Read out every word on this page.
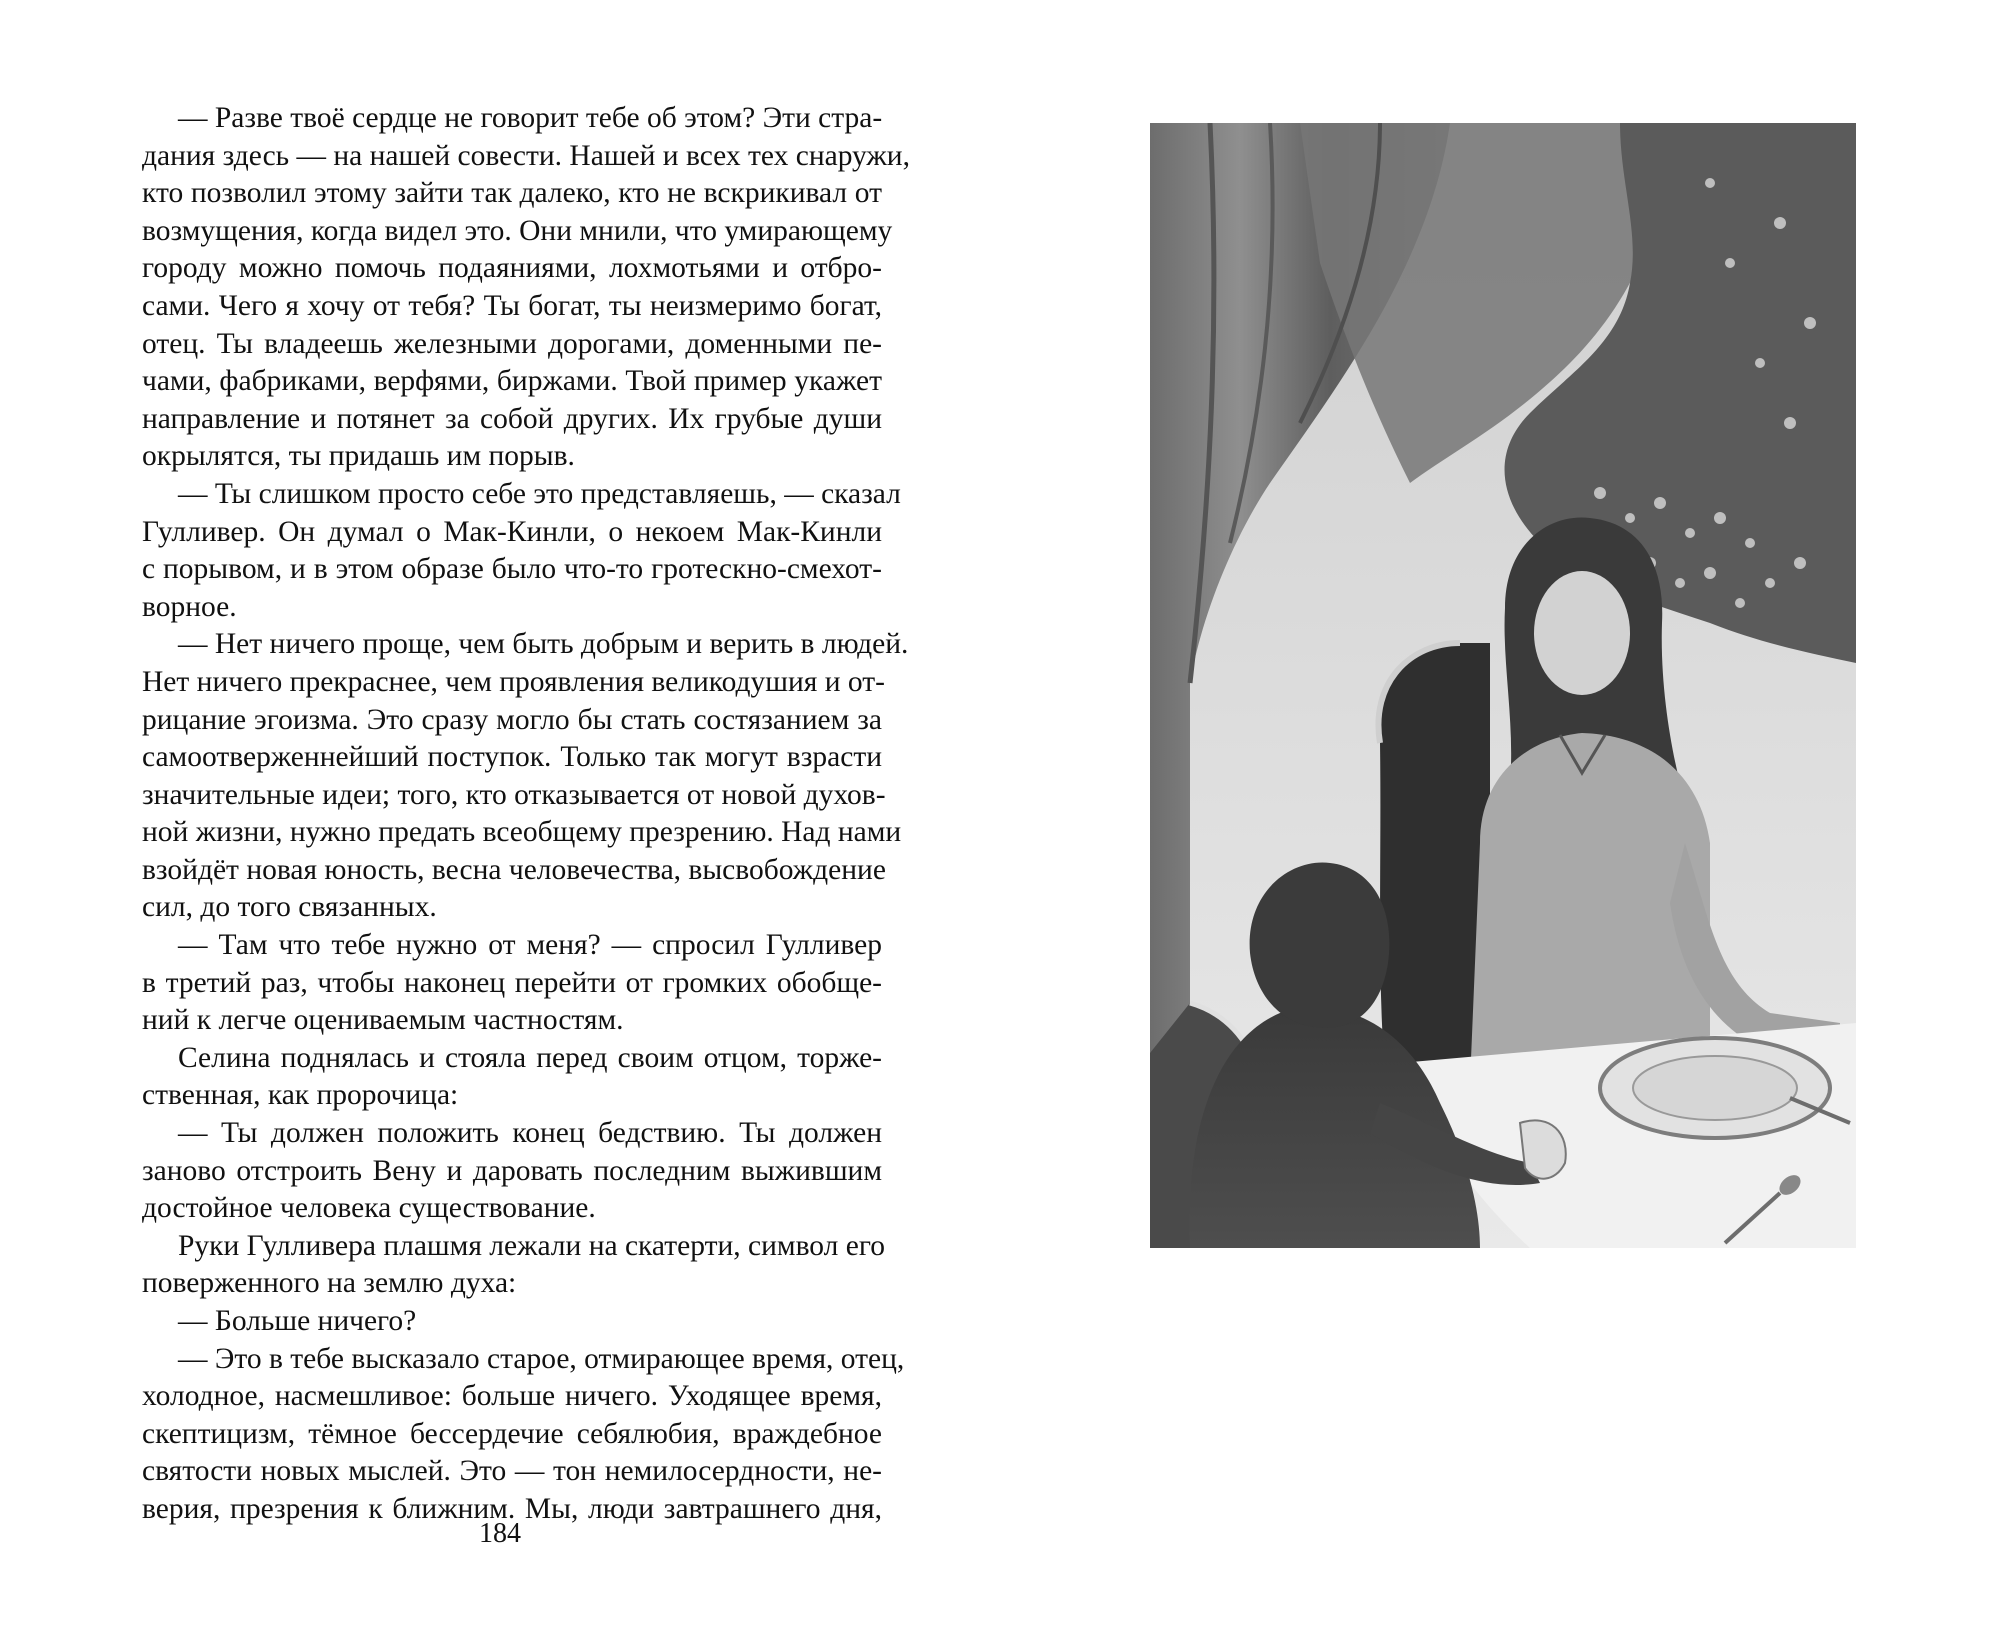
— Разве твоё сердце не говорит тебе об этом? Эти стра-
дания здесь — на нашей совести. Нашей и всех тех снаружи,
кто позволил этому зайти так далеко, кто не вскрикивал от
возмущения, когда видел это. Они мнили, что умирающему
городу можно помочь подаяниями, лохмотьями и отбро-
сами. Чего я хочу от тебя? Ты богат, ты неизмеримо богат,
отец. Ты владеешь железными дорогами, доменными пе-
чами, фабриками, верфями, биржами. Твой пример укажет
направление и потянет за собой других. Их грубые души
окрылятся, ты придашь им порыв.
— Ты слишком просто себе это представляешь, — сказал
Гулливер. Он думал о Мак-Кинли, о некоем Мак-Кинли
с порывом, и в этом образе было что-то гротескно-смехот-
ворное.
— Нет ничего проще, чем быть добрым и верить в людей.
Нет ничего прекраснее, чем проявления великодушия и от-
рицание эгоизма. Это сразу могло бы стать состязанием за
самоотверженнейший поступок. Только так могут взрасти
значительные идеи; того, кто отказывается от новой духов-
ной жизни, нужно предать всеобщему презрению. Над нами
взойдёт новая юность, весна человечества, высвобождение
сил, до того связанных.
— Там что тебе нужно от меня? — спросил Гулливер
в третий раз, чтобы наконец перейти от громких обобще-
ний к легче оцениваемым частностям.
Селина поднялась и стояла перед своим отцом, торже-
ственная, как пророчица:
— Ты должен положить конец бедствию. Ты должен
заново отстроить Вену и даровать последним выжившим
достойное человека существование.
Руки Гулливера плашмя лежали на скатерти, символ его
поверженного на землю духа:
— Больше ничего?
— Это в тебе высказало старое, отмирающее время, отец,
холодное, насмешливое: больше ничего. Уходящее время,
скептицизм, тёмное бессердечие себялюбия, враждебное
святости новых мыслей. Это — тон немилосердности, не-
верия, презрения к ближним. Мы, люди завтрашнего дня,
184
